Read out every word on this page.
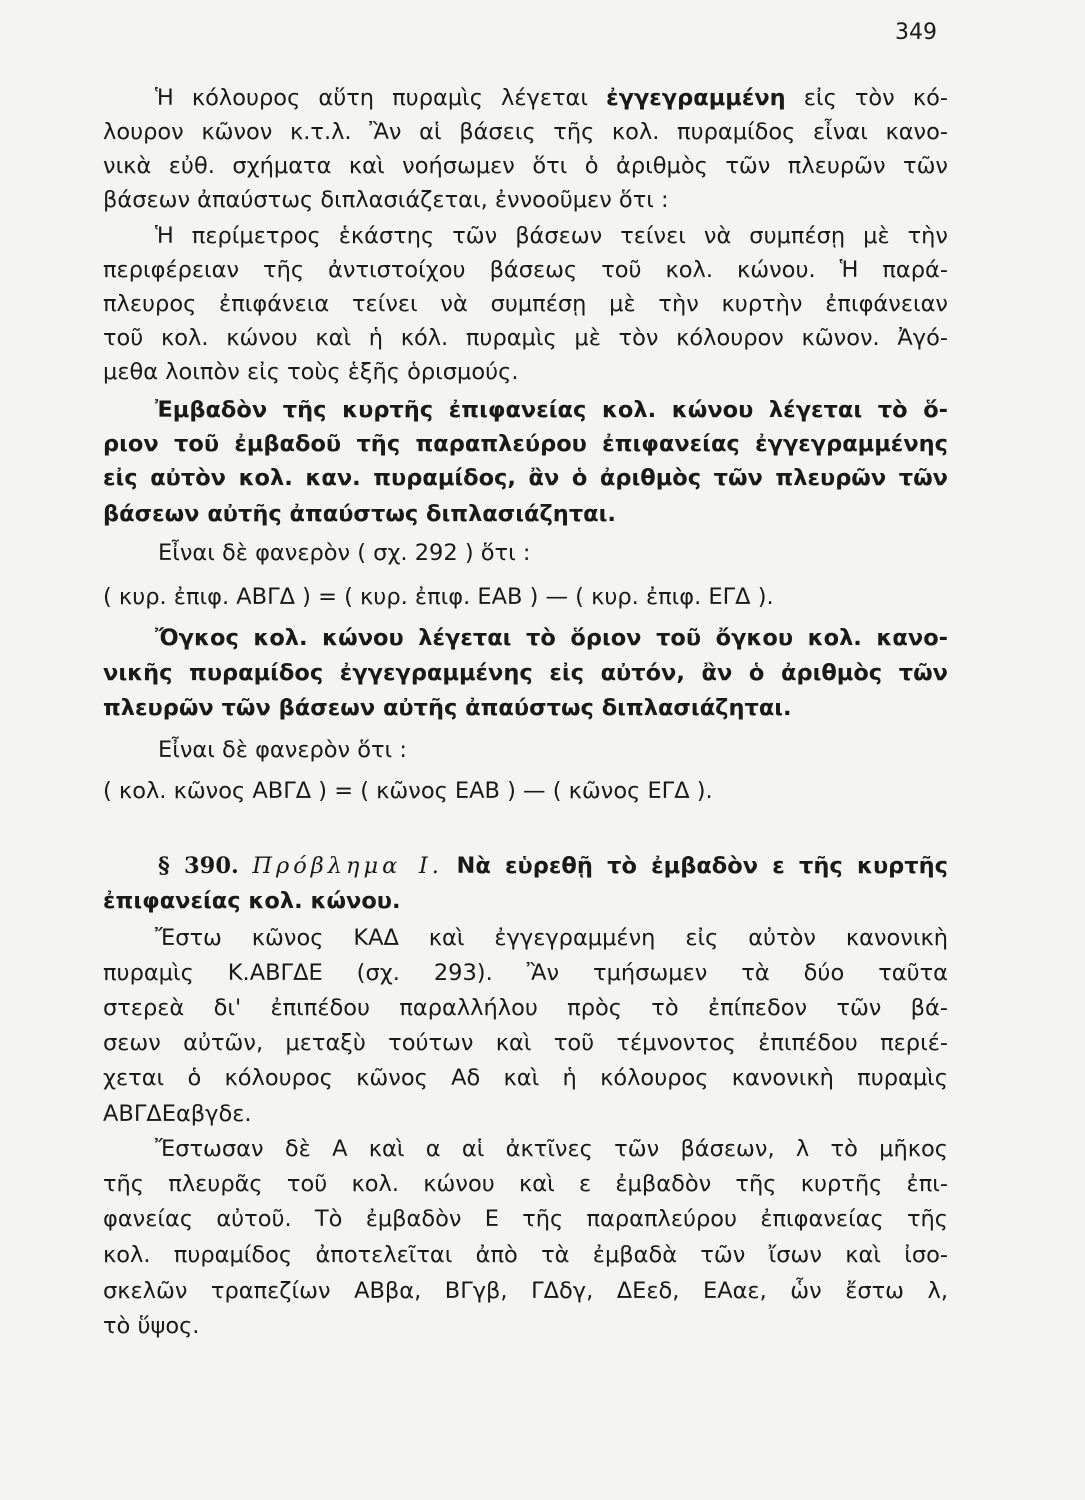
349
Ἡ κόλουρος αὕτη πυραμὶς λέγεται ἐγγεγραμμένη εἰς τὸν κό-
λουρον κῶνον κ.τ.λ. Ἂν αἱ βάσεις τῆς κολ. πυραμίδος εἶναι κανο-
νικὰ εὐθ. σχήματα καὶ νοήσωμεν ὅτι ὁ ἀριθμὸς τῶν πλευρῶν τῶν
βάσεων ἀπαύστως διπλασιάζεται, ἐννοοῦμεν ὅτι :
Ἡ περίμετρος ἑκάστης τῶν βάσεων τείνει νὰ συμπέσῃ μὲ τὴν
περιφέρειαν τῆς ἀντιστοίχου βάσεως τοῦ κολ. κώνου. Ἡ παρά-
πλευρος ἐπιφάνεια τείνει νὰ συμπέσῃ μὲ τὴν κυρτὴν ἐπιφάνειαν
τοῦ κολ. κώνου καὶ ἡ κόλ. πυραμὶς μὲ τὸν κόλουρον κῶνον. Ἀγό-
μεθα λοιπὸν εἰς τοὺς ἑξῆς ὁρισμούς.
Ἐμβαδὸν τῆς κυρτῆς ἐπιφανείας κολ. κώνου λέγεται τὸ ὅ-
ριον τοῦ ἐμβαδοῦ τῆς παραπλεύρου ἐπιφανείας ἐγγεγραμμένης
εἰς αὐτὸν κολ. καν. πυραμίδος, ἂν ὁ ἀριθμὸς τῶν πλευρῶν τῶν
βάσεων αὐτῆς ἀπαύστως διπλασιάζηται.
Εἶναι δὲ φανερὸν ( σχ. 292 ) ὅτι :
( κυρ. ἐπιφ. ΑΒΓΔ ) = ( κυρ. ἐπιφ. ΕΑΒ ) — ( κυρ. ἐπιφ. ΕΓΔ ).
Ὄγκος κολ. κώνου λέγεται τὸ ὅριον τοῦ ὄγκου κολ. κανο-
νικῆς πυραμίδος ἐγγεγραμμένης εἰς αὐτόν, ἂν ὁ ἀριθμὸς τῶν
πλευρῶν τῶν βάσεων αὐτῆς ἀπαύστως διπλασιάζηται.
Εἶναι δὲ φανερὸν ὅτι :
( κολ. κῶνος ΑΒΓΔ ) = ( κῶνος ΕΑΒ ) — ( κῶνος ΕΓΔ ).
§ 390. Πρόβλημα Ι. Νὰ εὑρεθῇ τὸ ἐμβαδὸν ε τῆς κυρτῆς
ἐπιφανείας κολ. κώνου.
Ἔστω κῶνος ΚΑΔ καὶ ἐγγεγραμμένη εἰς αὐτὸν κανονικὴ
πυραμὶς Κ.ΑΒΓΔΕ (σχ. 293). Ἂν τμήσωμεν τὰ δύο ταῦτα
στερεὰ δι' ἐπιπέδου παραλλήλου πρὸς τὸ ἐπίπεδον τῶν βά-
σεων αὐτῶν, μεταξὺ τούτων καὶ τοῦ τέμνοντος ἐπιπέδου περιέ-
χεται ὁ κόλουρος κῶνος Αδ καὶ ἡ κόλουρος κανονικὴ πυραμὶς
ΑΒΓΔΕαβγδε.
Ἔστωσαν δὲ Α καὶ α αἱ ἀκτῖνες τῶν βάσεων, λ τὸ μῆκος
τῆς πλευρᾶς τοῦ κολ. κώνου καὶ ε ἐμβαδὸν τῆς κυρτῆς ἐπι-
φανείας αὐτοῦ. Τὸ ἐμβαδὸν Ε τῆς παραπλεύρου ἐπιφανείας τῆς
κολ. πυραμίδος ἀποτελεῖται ἀπὸ τὰ ἐμβαδὰ τῶν ἴσων καὶ ἰσο-
σκελῶν τραπεζίων ΑΒβα, ΒΓγβ, ΓΔδγ, ΔΕεδ, ΕΑαε, ὧν ἔστω λ,
τὸ ὕψος.
